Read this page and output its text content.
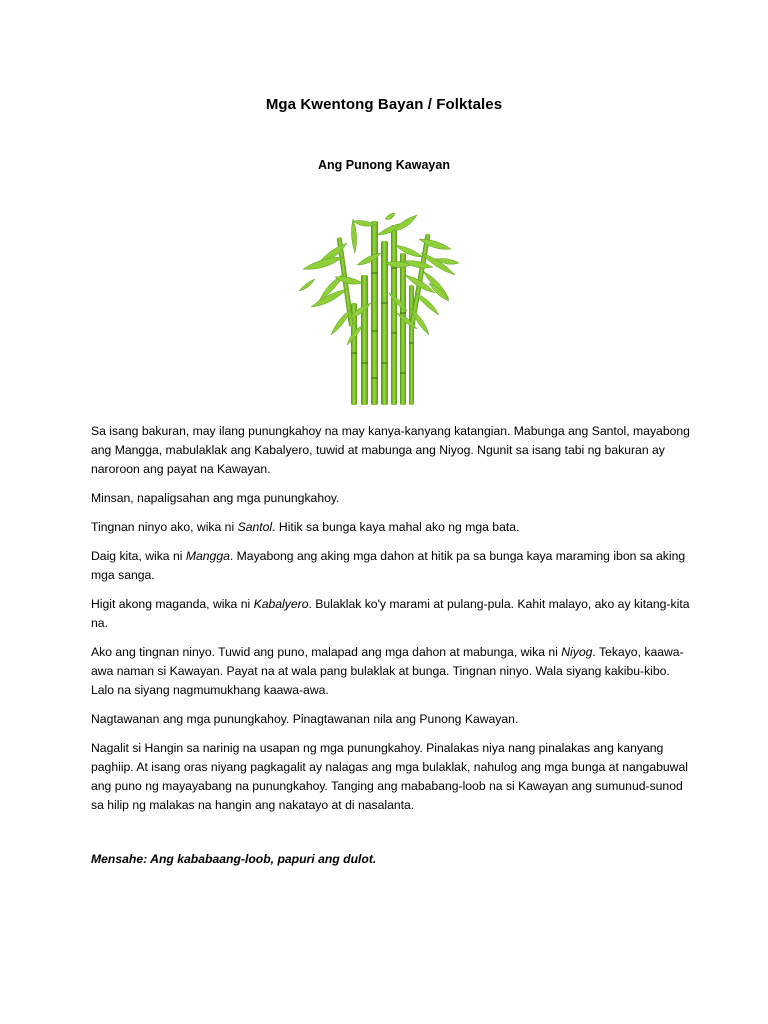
Mga Kwentong Bayan / Folktales
Ang Punong Kawayan

Sa isang bakuran, may ilang punungkahoy na may kanya-kanyang katangian. Mabunga ang Santol, mayabong ang Mangga, mabulaklak ang Kabalyero, tuwid at mabunga ang Niyog. Ngunit sa isang tabi ng bakuran ay naroroon ang payat na Kawayan.

Minsan, napaligsahan ang mga punungkahoy.

Tingnan ninyo ako, wika ni Santol. Hitik sa bunga kaya mahal ako ng mga bata.

Daig kita, wika ni Mangga. Mayabong ang aking mga dahon at hitik pa sa bunga kaya maraming ibon sa aking mga sanga.

Higit akong maganda, wika ni Kabalyero. Bulaklak ko'y marami at pulang-pula. Kahit malayo, ako ay kitang-kita na.

Ako ang tingnan ninyo. Tuwid ang puno, malapad ang mga dahon at mabunga, wika ni Niyog. Tekayo, kaawa-awa naman si Kawayan. Payat na at wala pang bulaklak at bunga. Tingnan ninyo. Wala siyang kakibu-kibo. Lalo na siyang nagmumukhang kaawa-awa.

Nagtawanan ang mga punungkahoy. Pinagtawanan nila ang Punong Kawayan.

Nagalit si Hangin sa narinig na usapan ng mga punungkahoy. Pinalakas niya nang pinalakas ang kanyang paghiip. At isang oras niyang pagkagalit ay nalagas ang mga bulaklak, nahulog ang mga bunga at nangabuwal ang puno ng mayayabang na punungkahoy. Tanging ang mababang-loob na si Kawayan ang sumunud-sunod sa hilip ng malakas na hangin ang nakatayo at di nasalanta.

Mensahe: Ang kababaang-loob, papuri ang dulot.
